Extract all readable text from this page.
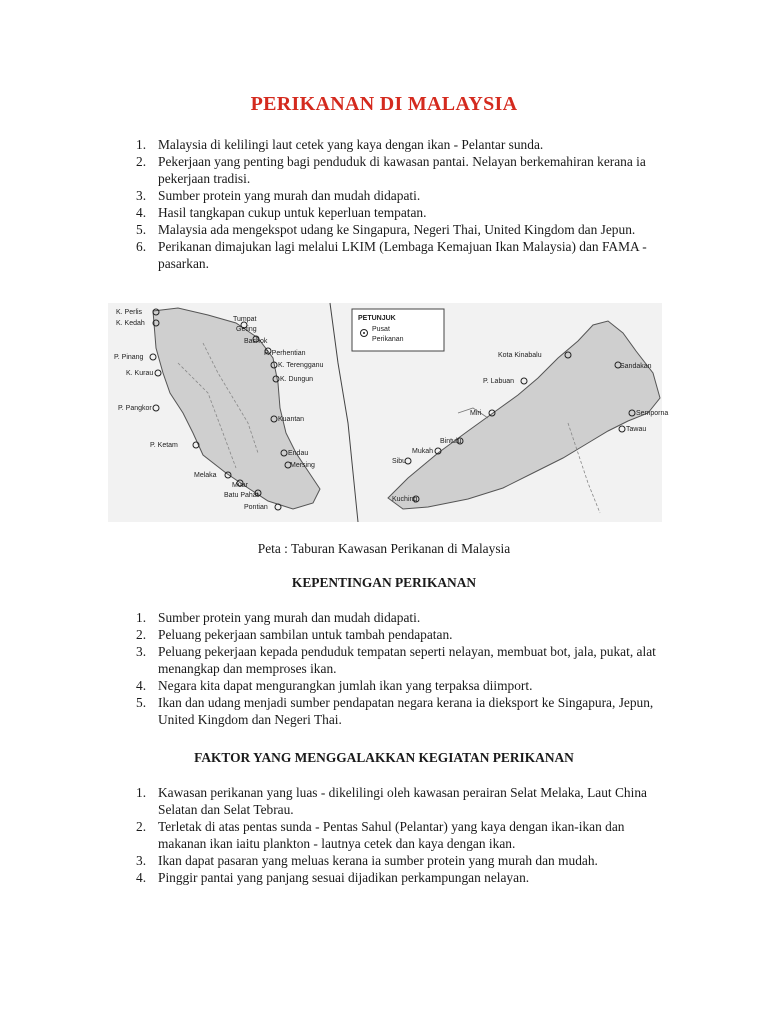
PERIKANAN DI MALAYSIA
1. Malaysia di kelilingi laut cetek yang kaya dengan ikan - Pelantar sunda.
2. Pekerjaan yang penting bagi penduduk di kawasan pantai. Nelayan berkemahiran kerana ia pekerjaan tradisi.
3. Sumber protein yang murah dan mudah didapati.
4. Hasil tangkapan cukup untuk keperluan tempatan.
5. Malaysia ada mengekspot udang ke Singapura, Negeri Thai, United Kingdom dan Jepun.
6. Perikanan dimajukan lagi melalui LKIM (Lembaga Kemajuan Ikan Malaysia) dan FAMA - pasarkan.
PETUNJUK
Pusat
Perikanan
K. Perlis
K. Kedah
Tumpat
Geting
Bachok
P. Perhentian
K. Terengganu
P. Pinang
K. Kurau
K. Dungun
P. Pangkor
Kuantan
P. Ketam
Endau
Mersing
Melaka
Muar
Batu Pahat
Pontian
Kota Kinabalu
Sandakan
P. Labuan
Semporna
Tawau
Miri
Bintulu
Mukah
Sibu
Kuching
Peta : Taburan Kawasan Perikanan di Malaysia
KEPENTINGAN PERIKANAN
1. Sumber protein yang murah dan mudah didapati.
2. Peluang pekerjaan sambilan untuk tambah pendapatan.
3. Peluang pekerjaan kepada penduduk tempatan seperti nelayan, membuat bot, jala, pukat, alat menangkap dan memproses ikan.
4. Negara kita dapat mengurangkan jumlah ikan yang terpaksa diimport.
5. Ikan dan udang menjadi sumber pendapatan negara kerana ia dieksport ke Singapura, Jepun, United Kingdom dan Negeri Thai.
FAKTOR YANG MENGGALAKKAN KEGIATAN PERIKANAN
1. Kawasan perikanan yang luas - dikelilingi oleh kawasan perairan Selat Melaka, Laut China Selatan dan Selat Tebrau.
2. Terletak di atas pentas sunda - Pentas Sahul (Pelantar) yang kaya dengan ikan-ikan dan makanan ikan iaitu plankton - lautnya cetek dan kaya dengan ikan.
3. Ikan dapat pasaran yang meluas kerana ia sumber protein yang murah dan mudah.
4. Pinggir pantai yang panjang sesuai dijadikan perkampungan nelayan.
